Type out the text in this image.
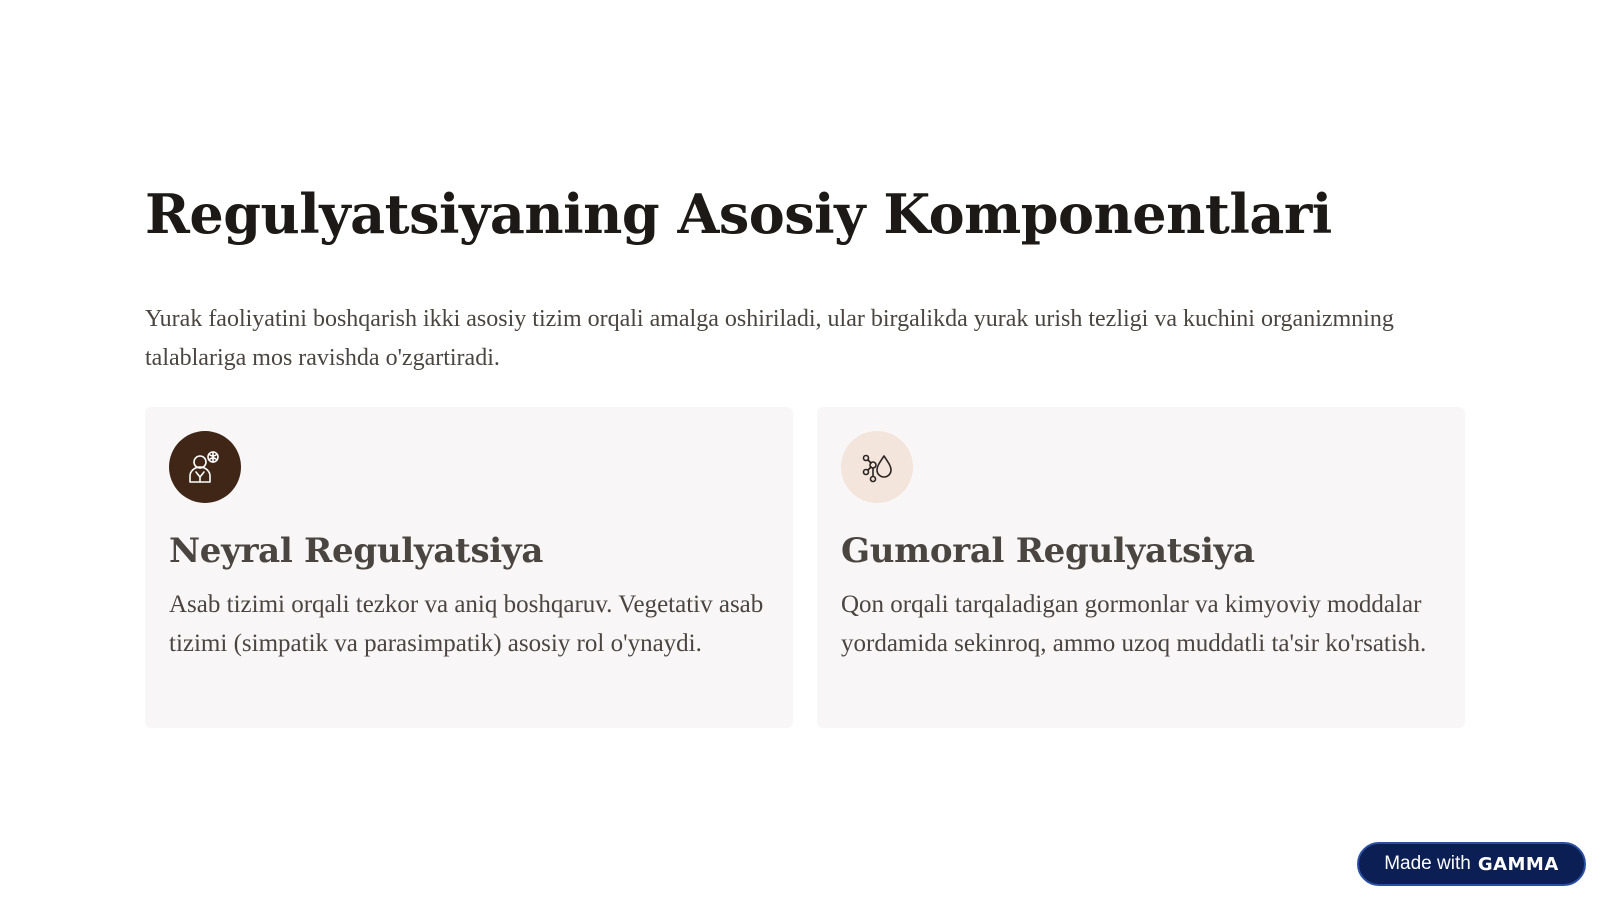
Regulyatsiyaning Asosiy Komponentlari

Yurak faoliyatini boshqarish ikki asosiy tizim orqali amalga oshiriladi, ular birgalikda yurak urish tezligi va kuchini organizmning talablariga mos ravishda o'zgartiradi.

Neyral Regulyatsiya

Asab tizimi orqali tezkor va aniq boshqaruv. Vegetativ asab tizimi (simpatik va parasimpatik) asosiy rol o'ynaydi.

Gumoral Regulyatsiya

Qon orqali tarqaladigan gormonlar va kimyoviy moddalar yordamida sekinroq, ammo uzoq muddatli ta'sir ko'rsatish.

Made with GAMMA
